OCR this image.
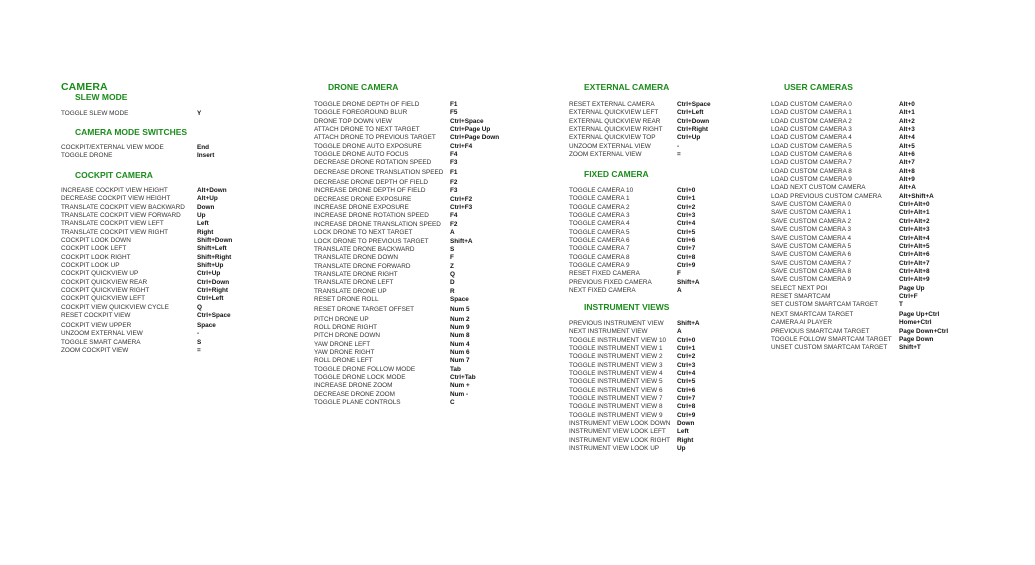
CAMERA
SLEW MODE
TOGGLE SLEW MODE	Y
CAMERA MODE SWITCHES
COCKPIT/EXTERNAL VIEW MODE	End
TOGGLE DRONE	Insert
COCKPIT CAMERA
INCREASE COCKPIT VIEW HEIGHT	Alt+Down
DECREASE COCKPIT VIEW HEIGHT	Alt+Up
TRANSLATE COCKPIT VIEW BACKWARD	Down
TRANSLATE COCKPIT VIEW FORWARD	Up
TRANSLATE COCKPIT VIEW LEFT	Left
TRANSLATE COCKPIT VIEW RIGHT	Right
COCKPIT LOOK DOWN	Shift+Down
COCKPIT LOOK LEFT	Shift+Left
COCKPIT LOOK RIGHT	Shift+Right
COCKPIT LOOK UP	Shift+Up
COCKPIT QUICKVIEW UP	Ctrl+Up
COCKPIT QUICKVIEW REAR	Ctrl+Down
COCKPIT QUICKVIEW RIGHT	Ctrl+Right
COCKPIT QUICKVIEW LEFT	Ctrl+Left
COCKPIT VIEW QUICKVIEW CYCLE	Q
RESET COCKPIT VIEW	Ctrl+Space
COCKPIT VIEW UPPER	Space
UNZOOM EXTERNAL VIEW	-
TOGGLE SMART CAMERA	S
ZOOM COCKPIT VIEW	=
DRONE CAMERA
TOGGLE DRONE DEPTH OF FIELD	F1
TOGGLE FOREGROUND BLUR	F5
DRONE TOP DOWN VIEW	Ctrl+Space
ATTACH DRONE TO NEXT TARGET	Ctrl+Page Up
ATTACH DRONE TO PREVIOUS TARGET	Ctrl+Page Down
TOGGLE DRONE AUTO EXPOSURE	Ctrl+F4
TOGGLE DRONE AUTO FOCUS	F4
DECREASE DRONE ROTATION SPEED	F3
DECREASE DRONE TRANSLATION SPEED	F1
DECREASE DRONE DEPTH OF FIELD	F2
INCREASE DRONE DEPTH OF FIELD	F3
DECREASE DRONE EXPOSURE	Ctrl+F2
INCREASE DRONE EXPOSURE	Ctrl+F3
INCREASE DRONE ROTATION SPEED	F4
INCREASE DRONE TRANSLATION SPEED	F2
LOCK DRONE TO NEXT TARGET	A
LOCK DRONE TO PREVIOUS TARGET	Shift+A
TRANSLATE DRONE BACKWARD	S
TRANSLATE DRONE DOWN	F
TRANSLATE DRONE FORWARD	Z
TRANSLATE DRONE RIGHT	Q
TRANSLATE DRONE LEFT	D
TRANSLATE DRONE UP	R
RESET DRONE ROLL	Space
RESET DRONE TARGET OFFSET	Num 5
PITCH DRONE UP	Num 2
ROLL DRONE RIGHT	Num 9
PITCH DRONE DOWN	Num 8
YAW DRONE LEFT	Num 4
YAW DRONE RIGHT	Num 6
ROLL DRONE LEFT	Num 7
TOGGLE DRONE FOLLOW MODE	Tab
TOGGLE DRONE LOCK MODE	Ctrl+Tab
INCREASE DRONE ZOOM	Num +
DECREASE DRONE ZOOM	Num -
TOGGLE PLANE CONTROLS	C
EXTERNAL CAMERA
RESET EXTERNAL CAMERA	Ctrl+Space
EXTERNAL QUICKVIEW LEFT	Ctrl+Left
EXTERNAL QUICKVIEW REAR	Ctrl+Down
EXTERNAL QUICKVIEW RIGHT	Ctrl+Right
EXTERNAL QUICKVIEW TOP	Ctrl+Up
UNZOOM EXTERNAL VIEW	-
ZOOM EXTERNAL VIEW	=
FIXED CAMERA
TOGGLE CAMERA 10	Ctrl+0
TOGGLE CAMERA 1	Ctrl+1
TOGGLE CAMERA 2	Ctrl+2
TOGGLE CAMERA 3	Ctrl+3
TOGGLE CAMERA 4	Ctrl+4
TOGGLE CAMERA 5	Ctrl+5
TOGGLE CAMERA 6	Ctrl+6
TOGGLE CAMERA 7	Ctrl+7
TOGGLE CAMERA 8	Ctrl+8
TOGGLE CAMERA 9	Ctrl+9
RESET FIXED CAMERA	F
PREVIOUS FIXED CAMERA	Shift+A
NEXT FIXED CAMERA	A
INSTRUMENT VIEWS
PREVIOUS INSTRUMENT VIEW	Shift+A
NEXT INSTRUMENT VIEW	A
TOGGLE INSTRUMENT VIEW 10	Ctrl+0
TOGGLE INSTRUMENT VIEW 1	Ctrl+1
TOGGLE INSTRUMENT VIEW 2	Ctrl+2
TOGGLE INSTRUMENT VIEW 3	Ctrl+3
TOGGLE INSTRUMENT VIEW 4	Ctrl+4
TOGGLE INSTRUMENT VIEW 5	Ctrl+5
TOGGLE INSTRUMENT VIEW 6	Ctrl+6
TOGGLE INSTRUMENT VIEW 7	Ctrl+7
TOGGLE INSTRUMENT VIEW 8	Ctrl+8
TOGGLE INSTRUMENT VIEW 9	Ctrl+9
INSTRUMENT VIEW LOOK DOWN	Down
INSTRUMENT VIEW LOOK LEFT	Left
INSTRUMENT VIEW LOOK RIGHT	Right
INSTRUMENT VIEW LOOK UP	Up
USER CAMERAS
LOAD CUSTOM CAMERA 0	Alt+0
LOAD CUSTOM CAMERA 1	Alt+1
LOAD CUSTOM CAMERA 2	Alt+2
LOAD CUSTOM CAMERA 3	Alt+3
LOAD CUSTOM CAMERA 4	Alt+4
LOAD CUSTOM CAMERA 5	Alt+5
LOAD CUSTOM CAMERA 6	Alt+6
LOAD CUSTOM CAMERA 7	Alt+7
LOAD CUSTOM CAMERA 8	Alt+8
LOAD CUSTOM CAMERA 9	Alt+9
LOAD NEXT CUSTOM CAMERA	Alt+A
LOAD PREVIOUS CUSTOM CAMERA	Alt+Shift+A
SAVE CUSTOM CAMERA 0	Ctrl+Alt+0
SAVE CUSTOM CAMERA 1	Ctrl+Alt+1
SAVE CUSTOM CAMERA 2	Ctrl+Alt+2
SAVE CUSTOM CAMERA 3	Ctrl+Alt+3
SAVE CUSTOM CAMERA 4	Ctrl+Alt+4
SAVE CUSTOM CAMERA 5	Ctrl+Alt+5
SAVE CUSTOM CAMERA 6	Ctrl+Alt+6
SAVE CUSTOM CAMERA 7	Ctrl+Alt+7
SAVE CUSTOM CAMERA 8	Ctrl+Alt+8
SAVE CUSTOM CAMERA 9	Ctrl+Alt+9
SELECT NEXT POI	Page Up
RESET SMARTCAM	Ctrl+F
SET CUSTOM SMARTCAM TARGET	T
NEXT SMARTCAM TARGET	Page Up+Ctrl
CAMERA AI PLAYER	Home+Ctrl
PREVIOUS SMARTCAM TARGET	Page Down+Ctrl
TOGGLE FOLLOW SMARTCAM TARGET	Page Down
UNSET CUSTOM SMARTCAM TARGET	Shift+T
